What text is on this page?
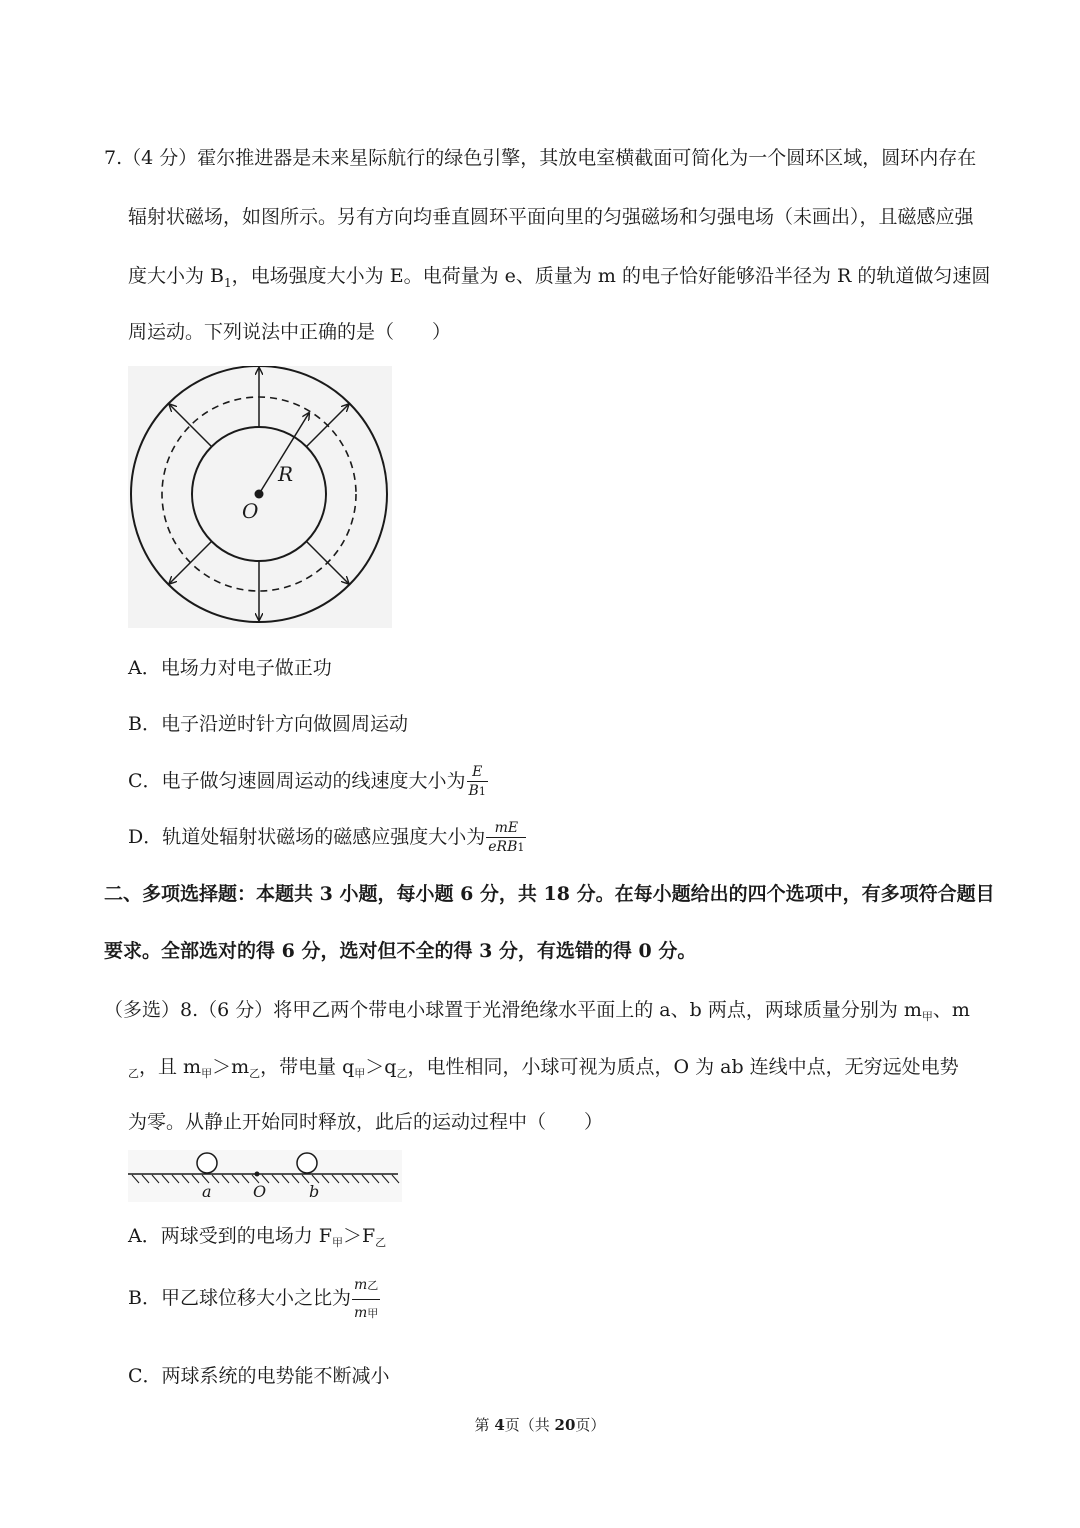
7.（4 分）霍尔推进器是未来星际航行的绿色引擎，其放电室横截面可简化为一个圆环区域，圆环内存在
辐射状磁场，如图所示。另有方向均垂直圆环平面向里的匀强磁场和匀强电场（未画出），且磁感应强
度大小为 $B_1$，电场强度大小为 E。电荷量为 e、质量为 m 的电子恰好能够沿半径为 R 的轨道做匀速圆
周运动。下列说法中正确的是（　　）
R
O
A．电场力对电子做正功
B．电子沿逆时针方向做圆周运动
C．电子做匀速圆周运动的线速度大小为 $\frac{E}{B1}$
D．轨道处辐射状磁场的磁感应强度大小为 $\frac{mE}{\text{eRB1}}$
二、多项选择题：本题共 3 小题，每小题 6 分，共 18 分。在每小题给出的四个选项中，有多项符合题目
要求。全部选对的得 6 分，选对但不全的得 3 分，有选错的得 0 分。
（多选）8.（6 分）将甲乙两个带电小球置于光滑绝缘水平面上的 a、b 两点，两球质量分别为 $m_甲$、m
$_乙$，且 $m_甲>m_乙$，带电量 $q_甲>q_乙$，电性相同，小球可视为质点，O 为 ab 连线中点，无穷远处电势
为零。从静止开始同时释放，此后的运动过程中（　　）
a	O	b
A．两球受到的电场力 $F_甲>F_乙$
B．甲乙球位移大小之比为 $\frac{\text{m乙}}{\text{m甲}}$
C．两球系统的电势能不断减小
第 4页（共 20页）
